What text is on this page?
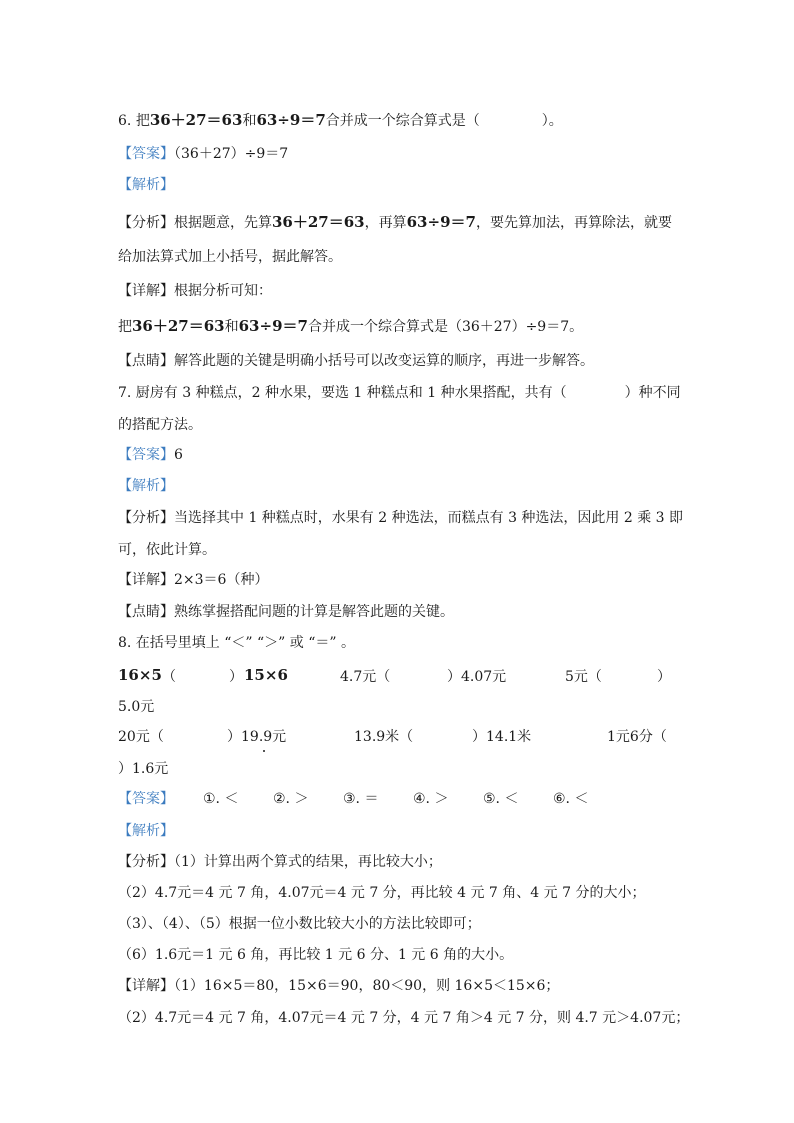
6. 把36＋27＝63和63÷9＝7合并成一个综合算式是（	）。
【答案】（36＋27）÷9＝7
【解析】
【分析】根据题意，先算36＋27＝63，再算63÷9＝7，要先算加法，再算除法，就要
给加法算式加上小括号，据此解答。
【详解】根据分析可知：
把36＋27＝63和63÷9＝7合并成一个综合算式是（36＋27）÷9＝7。
【点睛】解答此题的关键是明确小括号可以改变运算的顺序，再进一步解答。
7. 厨房有 3 种糕点，2 种水果，要选 1 种糕点和 1 种水果搭配，共有（	）种不同
的搭配方法。
【答案】6
【解析】
【分析】当选择其中 1 种糕点时，水果有 2 种选法，而糕点有 3 种选法，因此用 2 乘 3 即
可，依此计算。
【详解】2×3＝6（种）
【点睛】熟练掌握搭配问题的计算是解答此题的关键。
8. 在括号里填上 “＜” “＞” 或 “＝” 。
16×5 （	） 15×6	4.7元（	）4.07元	5元（	）
5.0元
20元（	）19.9元	13.9米（	）14.1米	1元6分（
）1.6元
【答案】 ①. ＜ ②. ＞ ③. ＝ ④. ＞ ⑤. ＜ ⑥. ＜
【解析】
【分析】（1）计算出两个算式的结果，再比较大小；
（2）4.7元＝4 元 7 角，4.07元＝4 元 7 分，再比较 4 元 7 角、4 元 7 分的大小；
（3）、（4）、（5）根据一位小数比较大小的方法比较即可；
（6）1.6元＝1 元 6 角，再比较 1 元 6 分、1 元 6 角的大小。
【详解】（1）16×5＝80，15×6＝90，80＜90，则 16×5＜15×6；
（2）4.7元＝4 元 7 角，4.07元＝4 元 7 分，4 元 7 角＞4 元 7 分，则 4.7 元＞4.07元；
